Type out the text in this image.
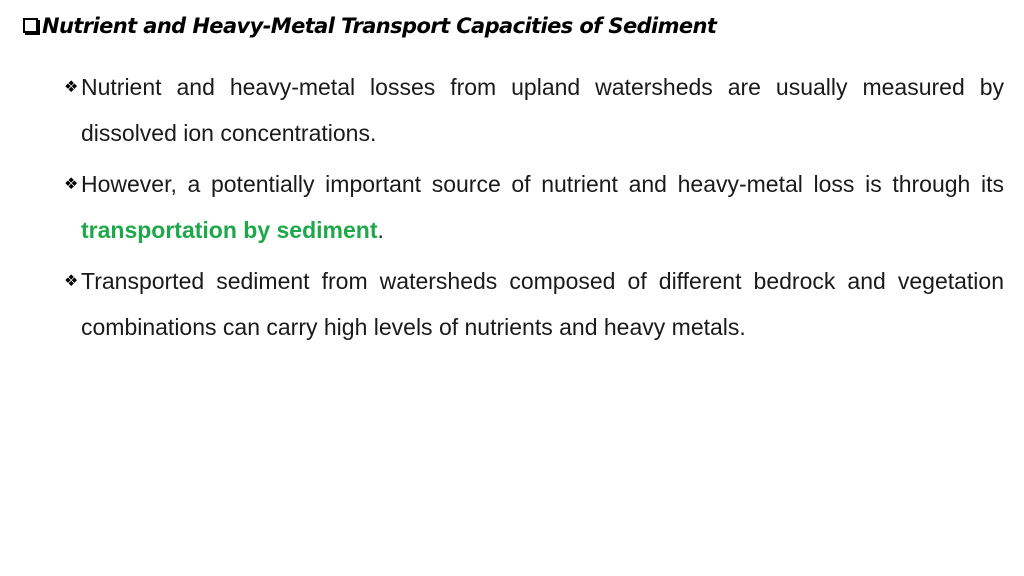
Nutrient and Heavy-Metal Transport Capacities of Sediment
❖ Nutrient and heavy-metal losses from upland watersheds are usually measured by dissolved ion concentrations.
❖ However, a potentially important source of nutrient and heavy-metal loss is through its transportation by sediment.
❖ Transported sediment from watersheds composed of different bedrock and vegetation combinations can carry high levels of nutrients and heavy metals.
